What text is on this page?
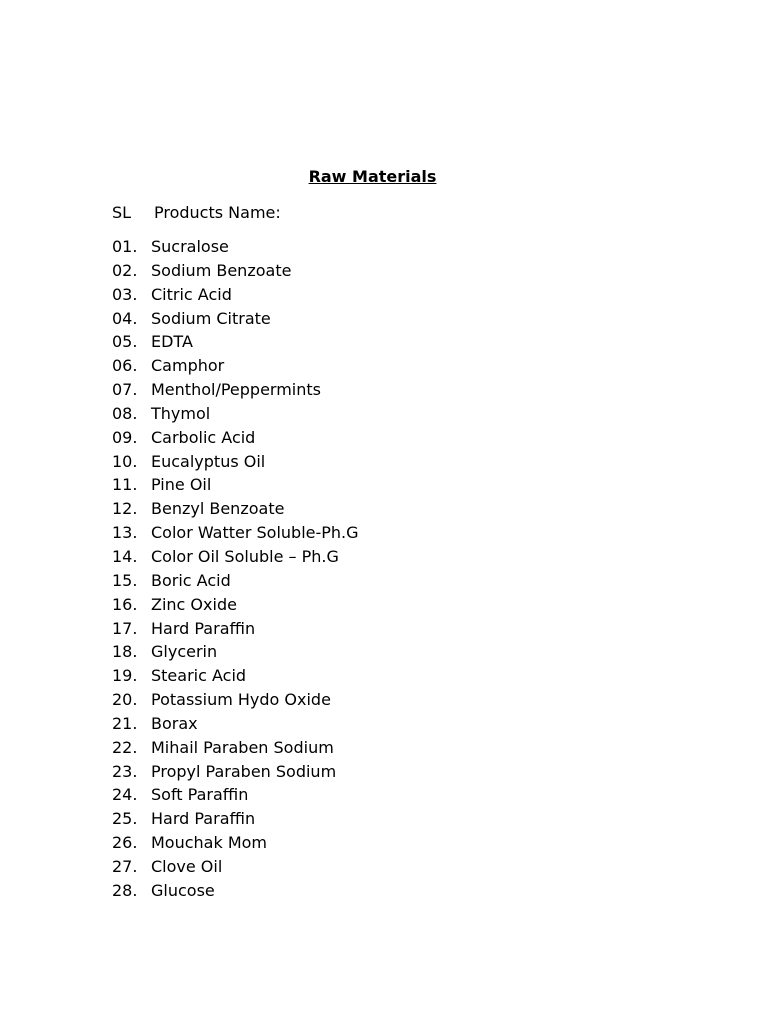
Raw Materials
SL Products Name:
01. Sucralose
02. Sodium Benzoate
03. Citric Acid
04. Sodium Citrate
05. EDTA
06. Camphor
07. Menthol/Peppermints
08. Thymol
09. Carbolic Acid
10. Eucalyptus Oil
11. Pine Oil
12. Benzyl Benzoate
13. Color Watter Soluble-Ph.G
14. Color Oil Soluble – Ph.G
15. Boric Acid
16. Zinc Oxide
17. Hard Paraffin
18. Glycerin
19. Stearic Acid
20. Potassium Hydo Oxide
21. Borax
22. Mihail Paraben Sodium
23. Propyl Paraben Sodium
24. Soft Paraffin
25. Hard Paraffin
26. Mouchak Mom
27. Clove Oil
28. Glucose
